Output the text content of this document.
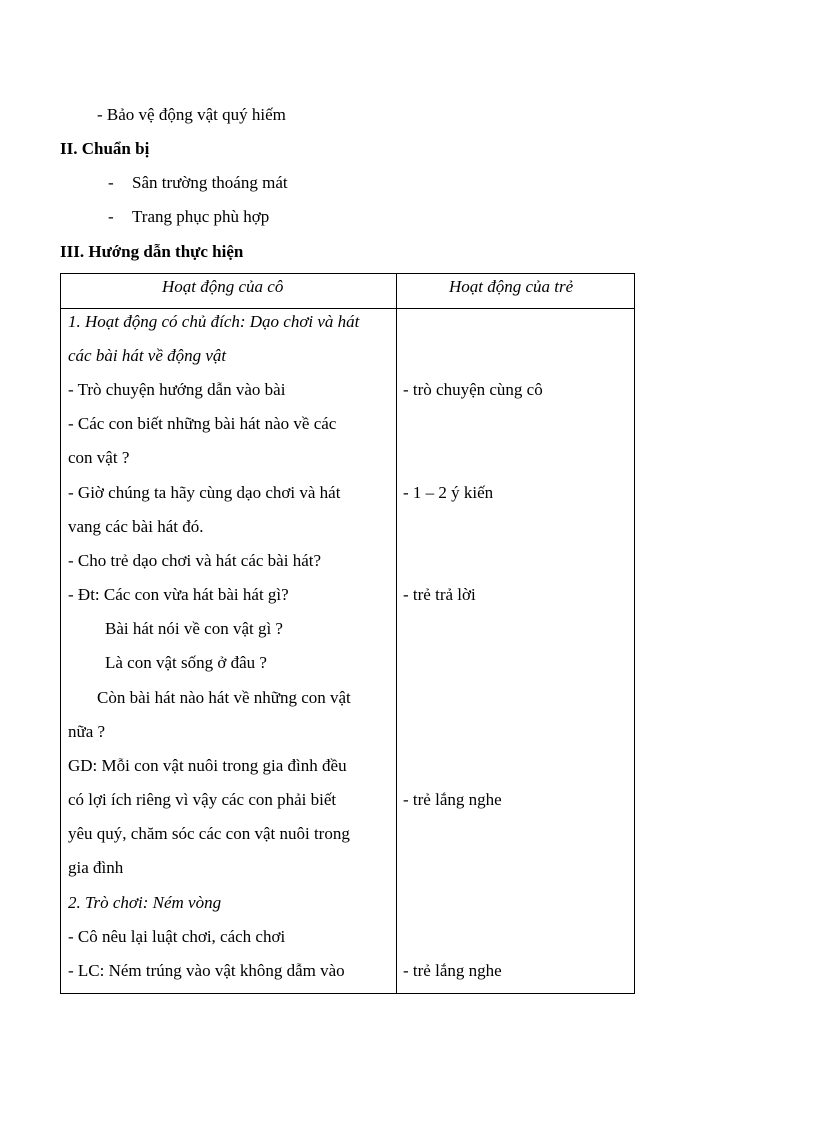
- Bảo vệ động vật quý hiếm
II. Chuẩn bị
- Sân trường thoáng mát
- Trang phục phù hợp
III. Hướng dẫn thực hiện
Hoạt động của cô	Hoạt động của trẻ
1. Hoạt động có chủ đích: Dạo chơi và hát
các bài hát về động vật
- Trò chuyện hướng dẫn vào bài
- Các con biết những bài hát nào về các
con vật ?
- Giờ chúng ta hãy cùng dạo chơi và hát
vang các bài hát đó.
- Cho trẻ dạo chơi và hát các bài hát?
- Đt: Các con vừa hát bài hát gì?
Bài hát nói về con vật gì ?
Là con vật sống ở đâu ?
Còn bài hát nào hát về những con vật
nữa ?
GD: Mỗi con vật nuôi trong gia đình đều
có lợi ích riêng vì vậy các con phải biết
yêu quý, chăm sóc các con vật nuôi trong
gia đình
2. Trò chơi: Ném vòng
- Cô nêu lại luật chơi, cách chơi
- LC: Ném trúng vào vật không dẫm vào
- trò chuyện cùng cô
- 1 – 2 ý kiến
- trẻ trả lời
- trẻ lắng nghe
- trẻ lắng nghe
